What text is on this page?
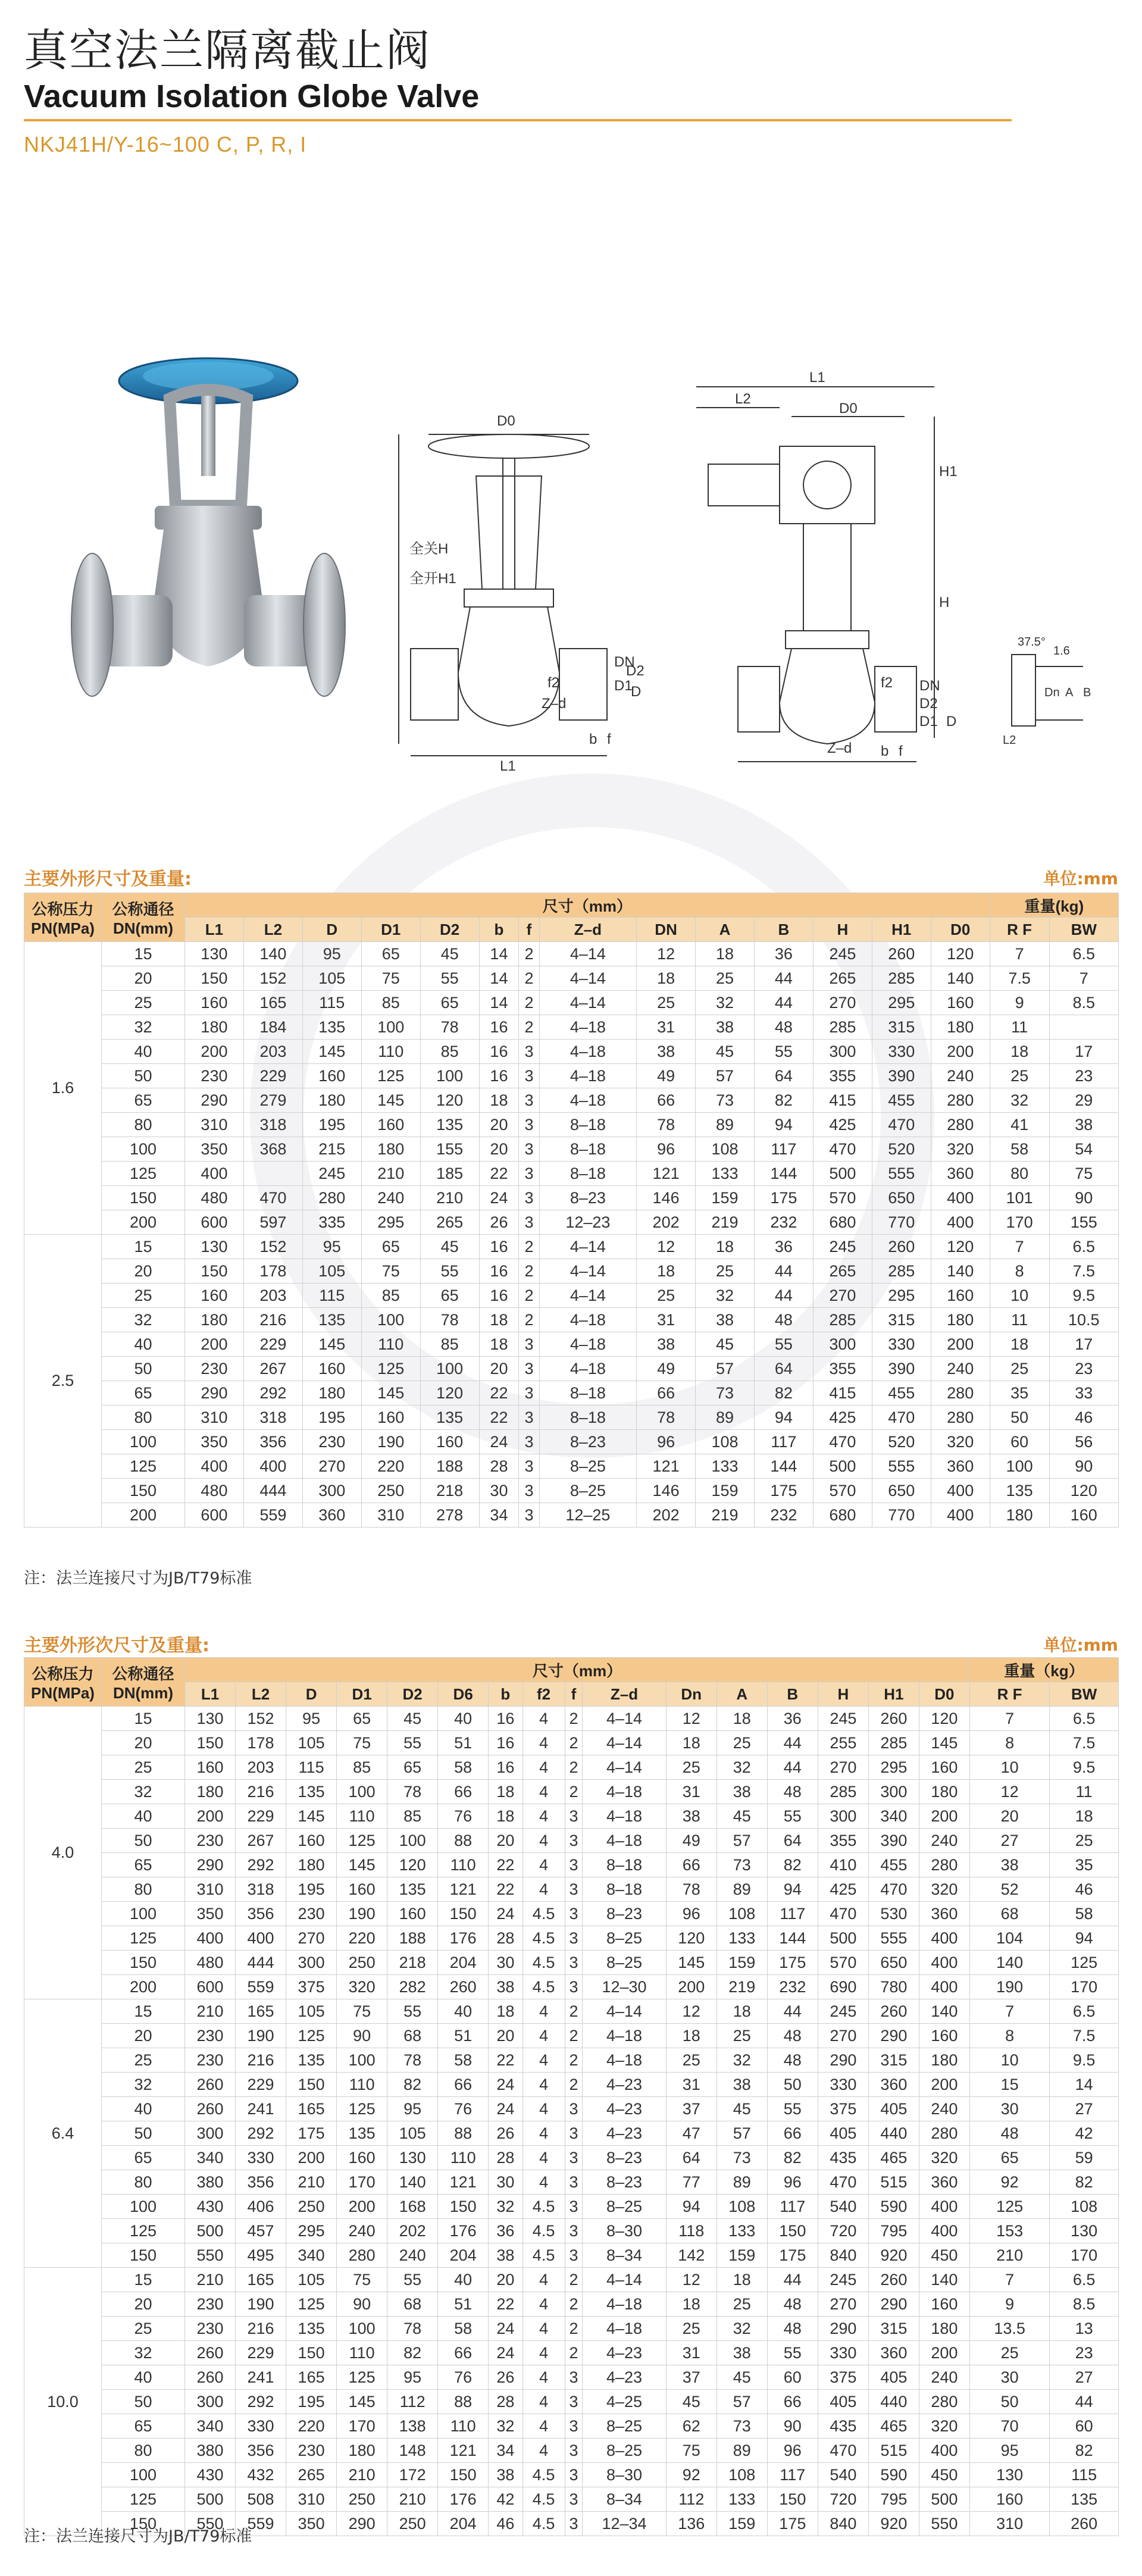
真空法兰隔离截止阀
Vacuum Isolation Globe Valve
NKJ41H/Y-16~100 C, P, R, I
D0
全关H
全开H1
f2
Z–d
L1
DN
D2
D1
D
b f
L1
L2
D0
H1
H
DN
D2
D1 D
f2
Z–d b f
37.5°
1.6
Dn A B
L2
主要外形尺寸及重量:	单位:mm
公称压力
PN(MPa)	公称通径
DN(mm)	尺寸（mm）														重量(kg)	
		L1	L2	D	D1	D2	b	f	Z–d	DN	A	B	H	H1	D0	R F	BW
1.6	15	130	140	95	65	45	14	2	4–14	12	18	36	245	260	120	7	6.5
	20	150	152	105	75	55	14	2	4–14	18	25	44	265	285	140	7.5	7
	25	160	165	115	85	65	14	2	4–14	25	32	44	270	295	160	9	8.5
	32	180	184	135	100	78	16	2	4–18	31	38	48	285	315	180	11	
	40	200	203	145	110	85	16	3	4–18	38	45	55	300	330	200	18	17
	50	230	229	160	125	100	16	3	4–18	49	57	64	355	390	240	25	23
	65	290	279	180	145	120	18	3	4–18	66	73	82	415	455	280	32	29
	80	310	318	195	160	135	20	3	8–18	78	89	94	425	470	280	41	38
	100	350	368	215	180	155	20	3	8–18	96	108	117	470	520	320	58	54
	125	400		245	210	185	22	3	8–18	121	133	144	500	555	360	80	75
	150	480	470	280	240	210	24	3	8–23	146	159	175	570	650	400	101	90
	200	600	597	335	295	265	26	3	12–23	202	219	232	680	770	400	170	155
2.5	15	130	152	95	65	45	16	2	4–14	12	18	36	245	260	120	7	6.5
	20	150	178	105	75	55	16	2	4–14	18	25	44	265	285	140	8	7.5
	25	160	203	115	85	65	16	2	4–14	25	32	44	270	295	160	10	9.5
	32	180	216	135	100	78	18	2	4–18	31	38	48	285	315	180	11	10.5
	40	200	229	145	110	85	18	3	4–18	38	45	55	300	330	200	18	17
	50	230	267	160	125	100	20	3	4–18	49	57	64	355	390	240	25	23
	65	290	292	180	145	120	22	3	8–18	66	73	82	415	455	280	35	33
	80	310	318	195	160	135	22	3	8–18	78	89	94	425	470	280	50	46
	100	350	356	230	190	160	24	3	8–23	96	108	117	470	520	320	60	56
	125	400	400	270	220	188	28	3	8–25	121	133	144	500	555	360	100	90
	150	480	444	300	250	218	30	3	8–25	146	159	175	570	650	400	135	120
	200	600	559	360	310	278	34	3	12–25	202	219	232	680	770	400	180	160
注：法兰连接尺寸为JB/T79标准
主要外形次尺寸及重量:	单位:mm
公称压力
PN(MPa)	公称通径
DN(mm)	尺寸（mm）																重量（kg）	
		L1	L2	D	D1	D2	D6	b	f2	f	Z–d	Dn	A	B	H	H1	D0	R F	BW
4.0	15	130	152	95	65	45	40	16	4	2	4–14	12	18	36	245	260	120	7	6.5
	20	150	178	105	75	55	51	16	4	2	4–14	18	25	44	255	285	145	8	7.5
	25	160	203	115	85	65	58	16	4	2	4–14	25	32	44	270	295	160	10	9.5
	32	180	216	135	100	78	66	18	4	2	4–18	31	38	48	285	300	180	12	11
	40	200	229	145	110	85	76	18	4	3	4–18	38	45	55	300	340	200	20	18
	50	230	267	160	125	100	88	20	4	3	4–18	49	57	64	355	390	240	27	25
	65	290	292	180	145	120	110	22	4	3	8–18	66	73	82	410	455	280	38	35
	80	310	318	195	160	135	121	22	4	3	8–18	78	89	94	425	470	320	52	46
	100	350	356	230	190	160	150	24	4.5	3	8–23	96	108	117	470	530	360	68	58
	125	400	400	270	220	188	176	28	4.5	3	8–25	120	133	144	500	555	400	104	94
	150	480	444	300	250	218	204	30	4.5	3	8–25	145	159	175	570	650	400	140	125
	200	600	559	375	320	282	260	38	4.5	3	12–30	200	219	232	690	780	400	190	170
6.4	15	210	165	105	75	55	40	18	4	2	4–14	12	18	44	245	260	140	7	6.5
	20	230	190	125	90	68	51	20	4	2	4–18	18	25	48	270	290	160	8	7.5
	25	230	216	135	100	78	58	22	4	2	4–18	25	32	48	290	315	180	10	9.5
	32	260	229	150	110	82	66	24	4	2	4–23	31	38	50	330	360	200	15	14
	40	260	241	165	125	95	76	24	4	3	4–23	37	45	55	375	405	240	30	27
	50	300	292	175	135	105	88	26	4	3	4–23	47	57	66	405	440	280	48	42
	65	340	330	200	160	130	110	28	4	3	8–23	64	73	82	435	465	320	65	59
	80	380	356	210	170	140	121	30	4	3	8–23	77	89	96	470	515	360	92	82
	100	430	406	250	200	168	150	32	4.5	3	8–25	94	108	117	540	590	400	125	108
	125	500	457	295	240	202	176	36	4.5	3	8–30	118	133	150	720	795	400	153	130
	150	550	495	340	280	240	204	38	4.5	3	8–34	142	159	175	840	920	450	210	170
10.0	15	210	165	105	75	55	40	20	4	2	4–14	12	18	44	245	260	140	7	6.5
	20	230	190	125	90	68	51	22	4	2	4–18	18	25	48	270	290	160	9	8.5
	25	230	216	135	100	78	58	24	4	2	4–18	25	32	48	290	315	180	13.5	13
	32	260	229	150	110	82	66	24	4	2	4–23	31	38	55	330	360	200	25	23
	40	260	241	165	125	95	76	26	4	3	4–23	37	45	60	375	405	240	30	27
	50	300	292	195	145	112	88	28	4	3	4–25	45	57	66	405	440	280	50	44
	65	340	330	220	170	138	110	32	4	3	8–25	62	73	90	435	465	320	70	60
	80	380	356	230	180	148	121	34	4	3	8–25	75	89	96	470	515	400	95	82
	100	430	432	265	210	172	150	38	4.5	3	8–30	92	108	117	540	590	450	130	115
	125	500	508	310	250	210	176	42	4.5	3	8–34	112	133	150	720	795	500	160	135
	150	550	559	350	290	250	204	46	4.5	3	12–34	136	159	175	840	920	550	310	260
注：法兰连接尺寸为JB/T79标准
